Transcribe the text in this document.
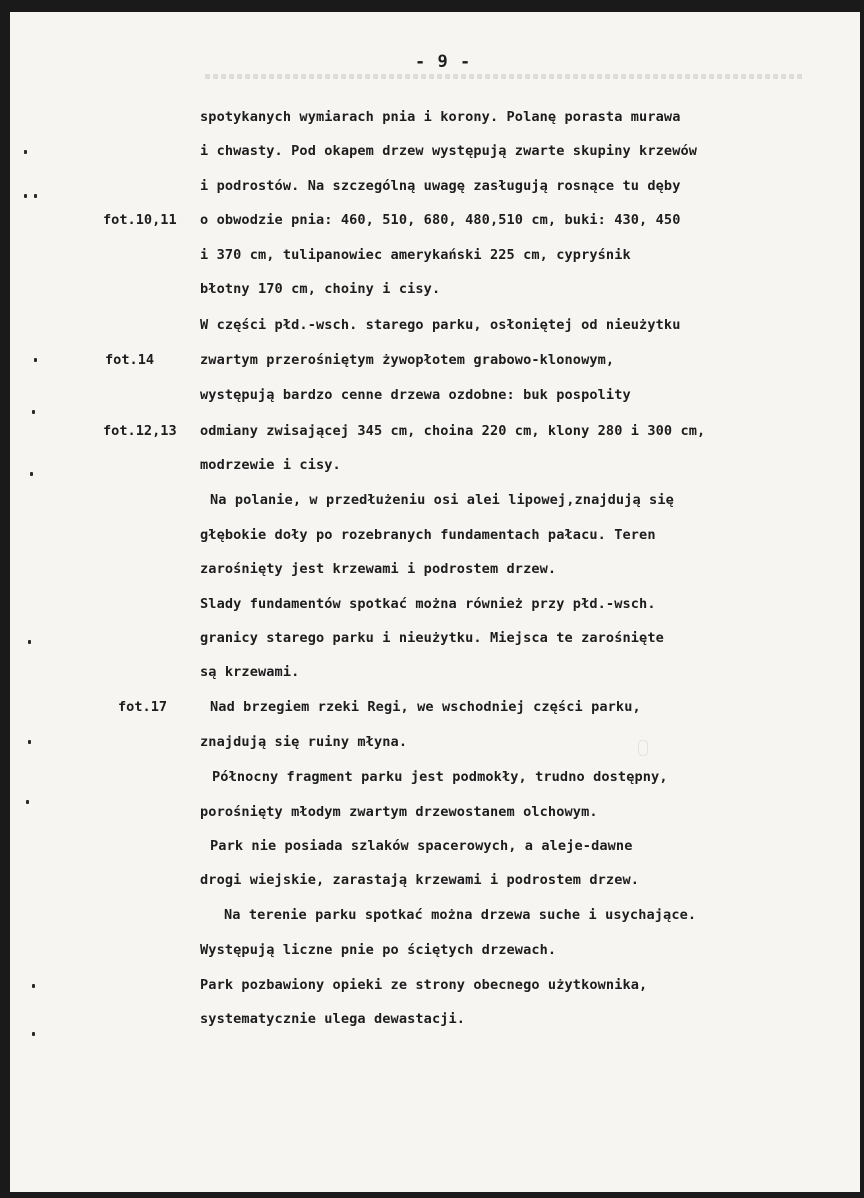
- 9 -
fot.10,11
fot.14
fot.12,13
fot.17
spotykanych wymiarach pnia i korony. Polanę porasta murawa
i chwasty. Pod okapem drzew występują zwarte skupiny krzewów
i podrostów. Na szczególną uwagę zasługują rosnące tu dęby
o obwodzie pnia: 460, 510, 680, 480,510 cm, buki: 430, 450
i 370 cm, tulipanowiec amerykański 225 cm, cypryśnik
błotny 170 cm, choiny i cisy.
W części płd.-wsch. starego parku, osłoniętej od nieużytku
zwartym przerośniętym żywopłotem grabowo-klonowym,
występują bardzo cenne drzewa ozdobne: buk pospolity
odmiany zwisającej 345 cm, choina 220 cm, klony 280 i 300 cm,
modrzewie i cisy.
Na polanie, w przedłużeniu osi alei lipowej,znajdują się
głębokie doły po rozebranych fundamentach pałacu. Teren
zarośnięty jest krzewami i podrostem drzew.
Slady fundamentów spotkać można również przy płd.-wsch.
granicy starego parku i nieużytku. Miejsca te zarośnięte
są krzewami.
Nad brzegiem rzeki Regi, we wschodniej części parku,
znajdują się ruiny młyna.
Północny fragment parku jest podmokły, trudno dostępny,
porośnięty młodym zwartym drzewostanem olchowym.
Park nie posiada szlaków spacerowych, a aleje-dawne
drogi wiejskie, zarastają krzewami i podrostem drzew.
Na terenie parku spotkać można drzewa suche i usychające.
Występują liczne pnie po ściętych drzewach.
Park pozbawiony opieki ze strony obecnego użytkownika,
systematycznie ulega dewastacji.
